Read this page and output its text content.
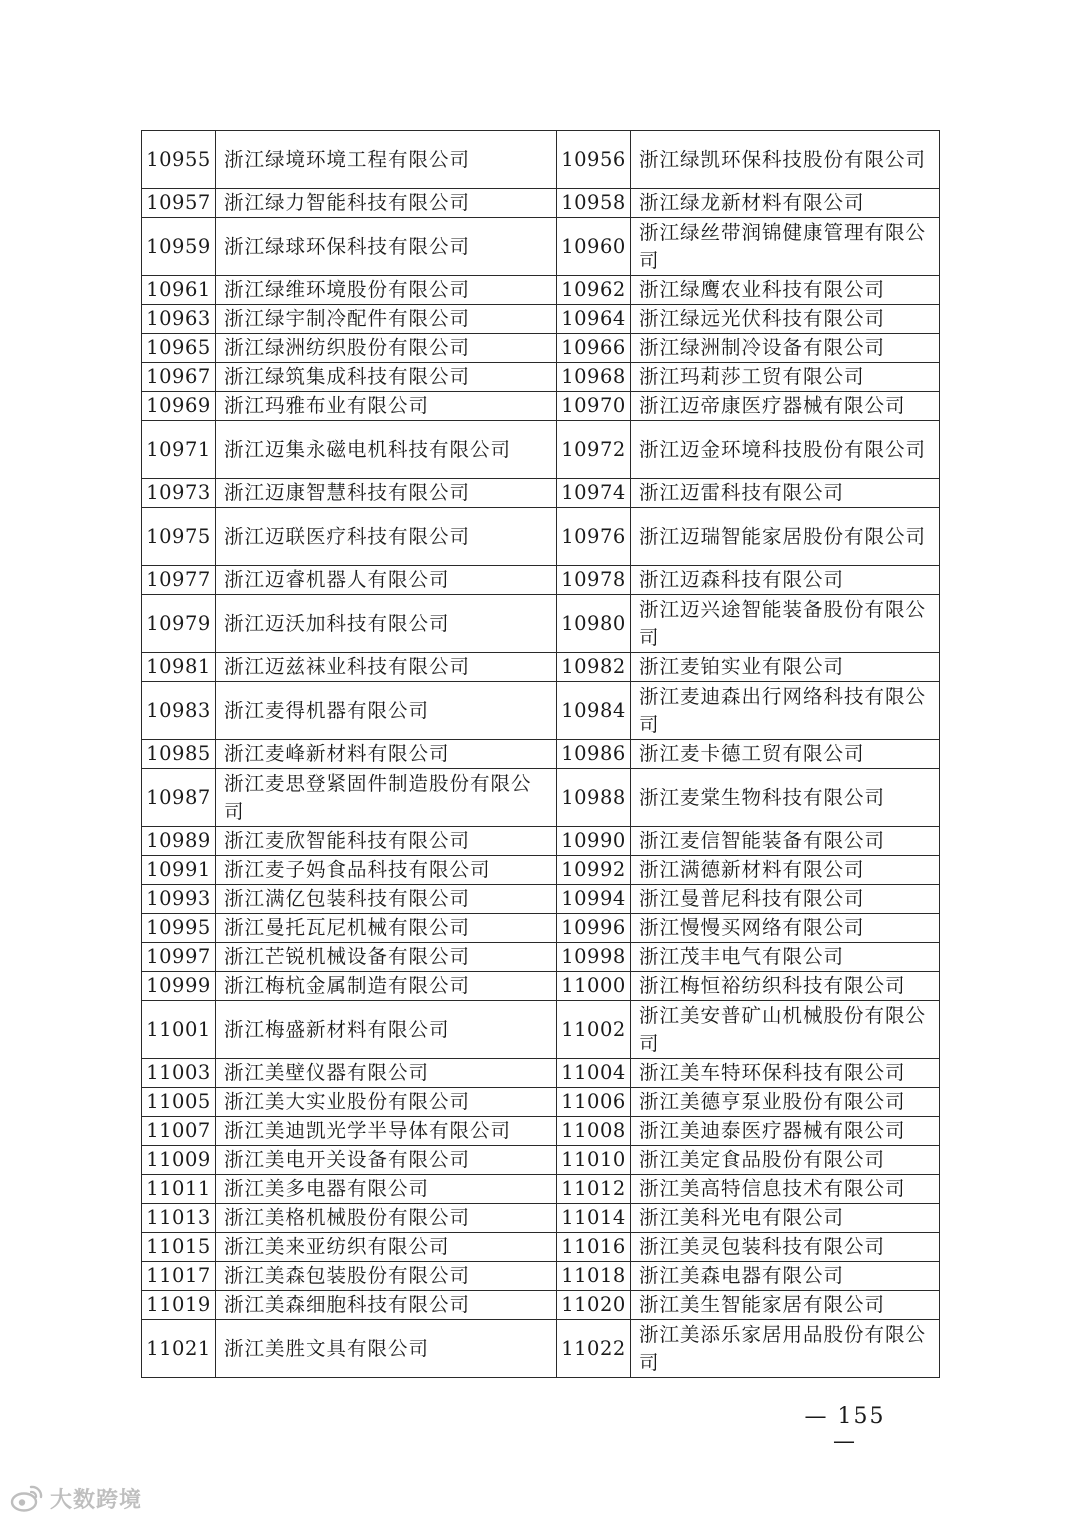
10955	浙江绿境环境工程有限公司	10956	浙江绿凯环保科技股份有限公司
10957	浙江绿力智能科技有限公司	10958	浙江绿龙新材料有限公司
10959	浙江绿球环保科技有限公司	10960	浙江绿丝带润锦健康管理有限公司
10961	浙江绿维环境股份有限公司	10962	浙江绿鹰农业科技有限公司
10963	浙江绿宇制冷配件有限公司	10964	浙江绿远光伏科技有限公司
10965	浙江绿洲纺织股份有限公司	10966	浙江绿洲制冷设备有限公司
10967	浙江绿筑集成科技有限公司	10968	浙江玛莉莎工贸有限公司
10969	浙江玛雅布业有限公司	10970	浙江迈帝康医疗器械有限公司
10971	浙江迈集永磁电机科技有限公司	10972	浙江迈金环境科技股份有限公司
10973	浙江迈康智慧科技有限公司	10974	浙江迈雷科技有限公司
10975	浙江迈联医疗科技有限公司	10976	浙江迈瑞智能家居股份有限公司
10977	浙江迈睿机器人有限公司	10978	浙江迈森科技有限公司
10979	浙江迈沃加科技有限公司	10980	浙江迈兴途智能装备股份有限公司
10981	浙江迈兹袜业科技有限公司	10982	浙江麦铂实业有限公司
10983	浙江麦得机器有限公司	10984	浙江麦迪森出行网络科技有限公司
10985	浙江麦峰新材料有限公司	10986	浙江麦卡德工贸有限公司
10987	浙江麦思登紧固件制造股份有限公司	10988	浙江麦棠生物科技有限公司
10989	浙江麦欣智能科技有限公司	10990	浙江麦信智能装备有限公司
10991	浙江麦子妈食品科技有限公司	10992	浙江满德新材料有限公司
10993	浙江满亿包装科技有限公司	10994	浙江曼普尼科技有限公司
10995	浙江曼托瓦尼机械有限公司	10996	浙江慢慢买网络有限公司
10997	浙江芒锐机械设备有限公司	10998	浙江茂丰电气有限公司
10999	浙江梅杭金属制造有限公司	11000	浙江梅恒裕纺织科技有限公司
11001	浙江梅盛新材料有限公司	11002	浙江美安普矿山机械股份有限公司
11003	浙江美壁仪器有限公司	11004	浙江美车特环保科技有限公司
11005	浙江美大实业股份有限公司	11006	浙江美德亨泵业股份有限公司
11007	浙江美迪凯光学半导体有限公司	11008	浙江美迪泰医疗器械有限公司
11009	浙江美电开关设备有限公司	11010	浙江美定食品股份有限公司
11011	浙江美多电器有限公司	11012	浙江美高特信息技术有限公司
11013	浙江美格机械股份有限公司	11014	浙江美科光电有限公司
11015	浙江美来亚纺织有限公司	11016	浙江美灵包装科技有限公司
11017	浙江美森包装股份有限公司	11018	浙江美森电器有限公司
11019	浙江美森细胞科技有限公司	11020	浙江美生智能家居有限公司
11021	浙江美胜文具有限公司	11022	浙江美添乐家居用品股份有限公司
— 155 —
大数跨境
